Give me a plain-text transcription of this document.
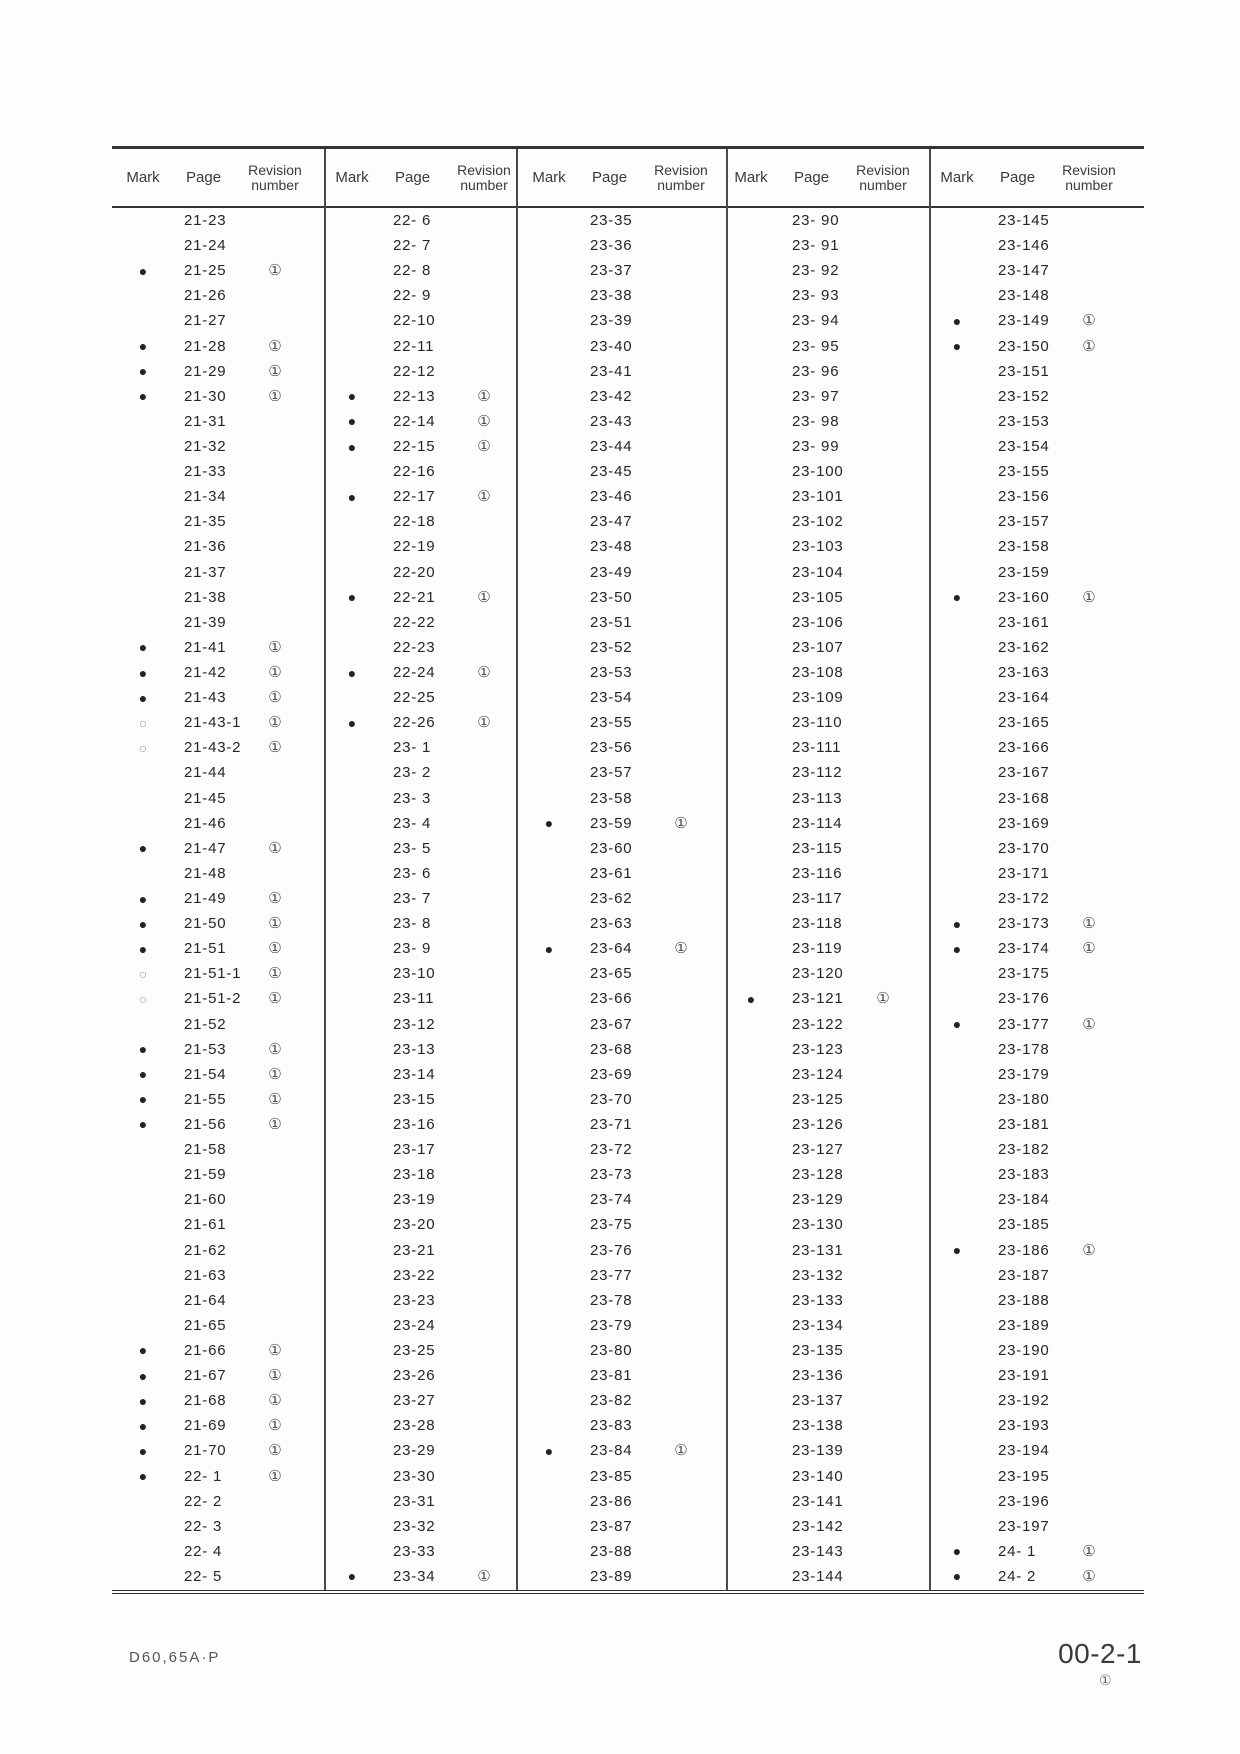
Mark	Page	Revision number
21-23
21-24
●	21-25	①
21-26
21-27
●	21-28	①
●	21-29	①
●	21-30	①
21-31
21-32
21-33
21-34
21-35
21-36
21-37
21-38
21-39
●	21-41	①
●	21-42	①
●	21-43	①
○	21-43-1	①
○	21-43-2	①
21-44
21-45
21-46
●	21-47	①
21-48
●	21-49	①
●	21-50	①
●	21-51	①
○	21-51-1	①
○	21-51-2	①
21-52
●	21-53	①
●	21-54	①
●	21-55	①
●	21-56	①
21-58
21-59
21-60
21-61
21-62
21-63
21-64
21-65
●	21-66	①
●	21-67	①
●	21-68	①
●	21-69	①
●	21-70	①
●	22- 1	①
22- 2
22- 3
22- 4
22- 5
Mark	Page	Revision number
22- 6
22- 7
22- 8
22- 9
22-10
22-11
22-12
●	22-13	①
●	22-14	①
●	22-15	①
22-16
●	22-17	①
22-18
22-19
22-20
●	22-21	①
22-22
22-23
●	22-24	①
22-25
●	22-26	①
23- 1
23- 2
23- 3
23- 4
23- 5
23- 6
23- 7
23- 8
23- 9
23-10
23-11
23-12
23-13
23-14
23-15
23-16
23-17
23-18
23-19
23-20
23-21
23-22
23-23
23-24
23-25
23-26
23-27
23-28
23-29
23-30
23-31
23-32
23-33
●	23-34	①
Mark	Page	Revision number
23-35
23-36
23-37
23-38
23-39
23-40
23-41
23-42
23-43
23-44
23-45
23-46
23-47
23-48
23-49
23-50
23-51
23-52
23-53
23-54
23-55
23-56
23-57
23-58
●	23-59	①
23-60
23-61
23-62
23-63
●	23-64	①
23-65
23-66
23-67
23-68
23-69
23-70
23-71
23-72
23-73
23-74
23-75
23-76
23-77
23-78
23-79
23-80
23-81
23-82
23-83
●	23-84	①
23-85
23-86
23-87
23-88
23-89
Mark	Page	Revision number
23- 90
23- 91
23- 92
23- 93
23- 94
23- 95
23- 96
23- 97
23- 98
23- 99
23-100
23-101
23-102
23-103
23-104
23-105
23-106
23-107
23-108
23-109
23-110
23-111
23-112
23-113
23-114
23-115
23-116
23-117
23-118
23-119
23-120
●	23-121	①
23-122
23-123
23-124
23-125
23-126
23-127
23-128
23-129
23-130
23-131
23-132
23-133
23-134
23-135
23-136
23-137
23-138
23-139
23-140
23-141
23-142
23-143
23-144
Mark	Page	Revision number
23-145
23-146
23-147
23-148
●	23-149	①
●	23-150	①
23-151
23-152
23-153
23-154
23-155
23-156
23-157
23-158
23-159
●	23-160	①
23-161
23-162
23-163
23-164
23-165
23-166
23-167
23-168
23-169
23-170
23-171
23-172
●	23-173	①
●	23-174	①
23-175
23-176
●	23-177	①
23-178
23-179
23-180
23-181
23-182
23-183
23-184
23-185
●	23-186	①
23-187
23-188
23-189
23-190
23-191
23-192
23-193
23-194
23-195
23-196
23-197
●	24- 1	①
●	24- 2	①
D60,65A·P	00-2-1
①
